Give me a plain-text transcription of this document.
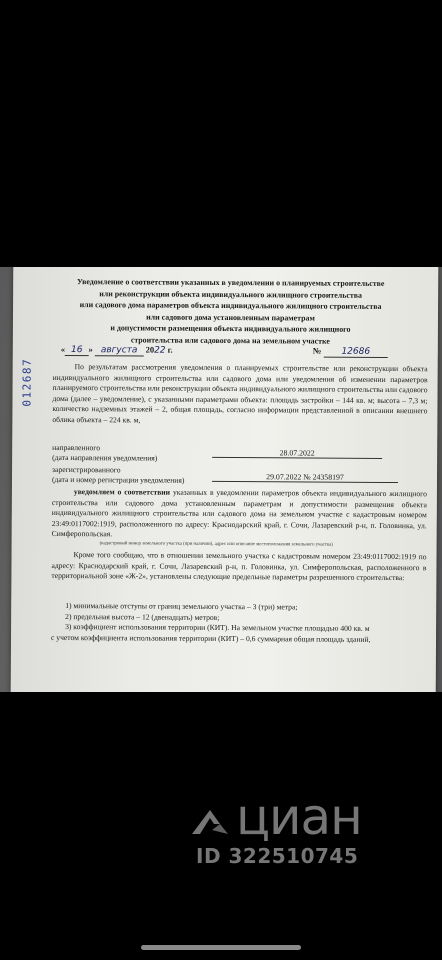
Уведомление о соответствии указанных в уведомлении о планируемых строительстве
или реконструкции объекта индивидуального жилищного строительства
или садового дома параметров объекта индивидуального жилищного строительства
или садового дома установленным параметрам
и допустимости размещения объекта индивидуального жилищного
строительства или садового дома на земельном участке
« 16 » августа 2022 г.	№ 12686
012687	По результатам рассмотрения уведомления о планируемых строительстве или реконструкции объекта индивидуального жилищного строительства или садового дома или уведомления об изменении параметров планируемого строительства или реконструкции объекта индивидуального жилищного строительства или садового дома (далее – уведомление), с указанными параметрами объекта: площадь застройки – 144 кв. м; высота – 7,3 м; количество надземных этажей – 2, общая площадь, согласно информации представленной в описании внешнего облика объекта – 224 кв. м,
направленного
(дата направления уведомления)
28.07.2022
зарегистрированного
(дата и номер регистрации уведомления)	29.07.2022 № 24358197
уведомляем о соответствии указанных в уведомлении параметров объекта индивидуального жилищного строительства или садового дома установленным параметрам и допустимости размещения объекта индивидуального жилищного строительства или садового дома на земельном участке с кадастровым номером 23:49:0117002:1919, расположенного по адресу: Краснодарский край, г. Сочи, Лазаревский р-н, п. Головинка, ул. Симферопольская.
(кадастровый номер земельного участка (при наличии), адрес или описание местоположения земельного участка)
Кроме того сообщаю, что в отношении земельного участка с кадастровым номером 23:49:0117002:1919 по адресу: Краснодарский край, г. Сочи, Лазаревский р-н, п. Головинка, ул. Симферопольская, расположенного в территориальной зоне «Ж-2», установлены следующие предельные параметры разрешенного строительства:
1) минимальные отступы от границ земельного участка – 3 (три) метра;
2) предельная высота – 12 (двенадцать) метров;
3) коэффициент использования территории (КИТ). На земельном участке площадью 400 кв. м
с учетом коэффициента использования территории (КИТ) – 0,6 суммарная общая площадь зданий,
циан
ID 322510745
